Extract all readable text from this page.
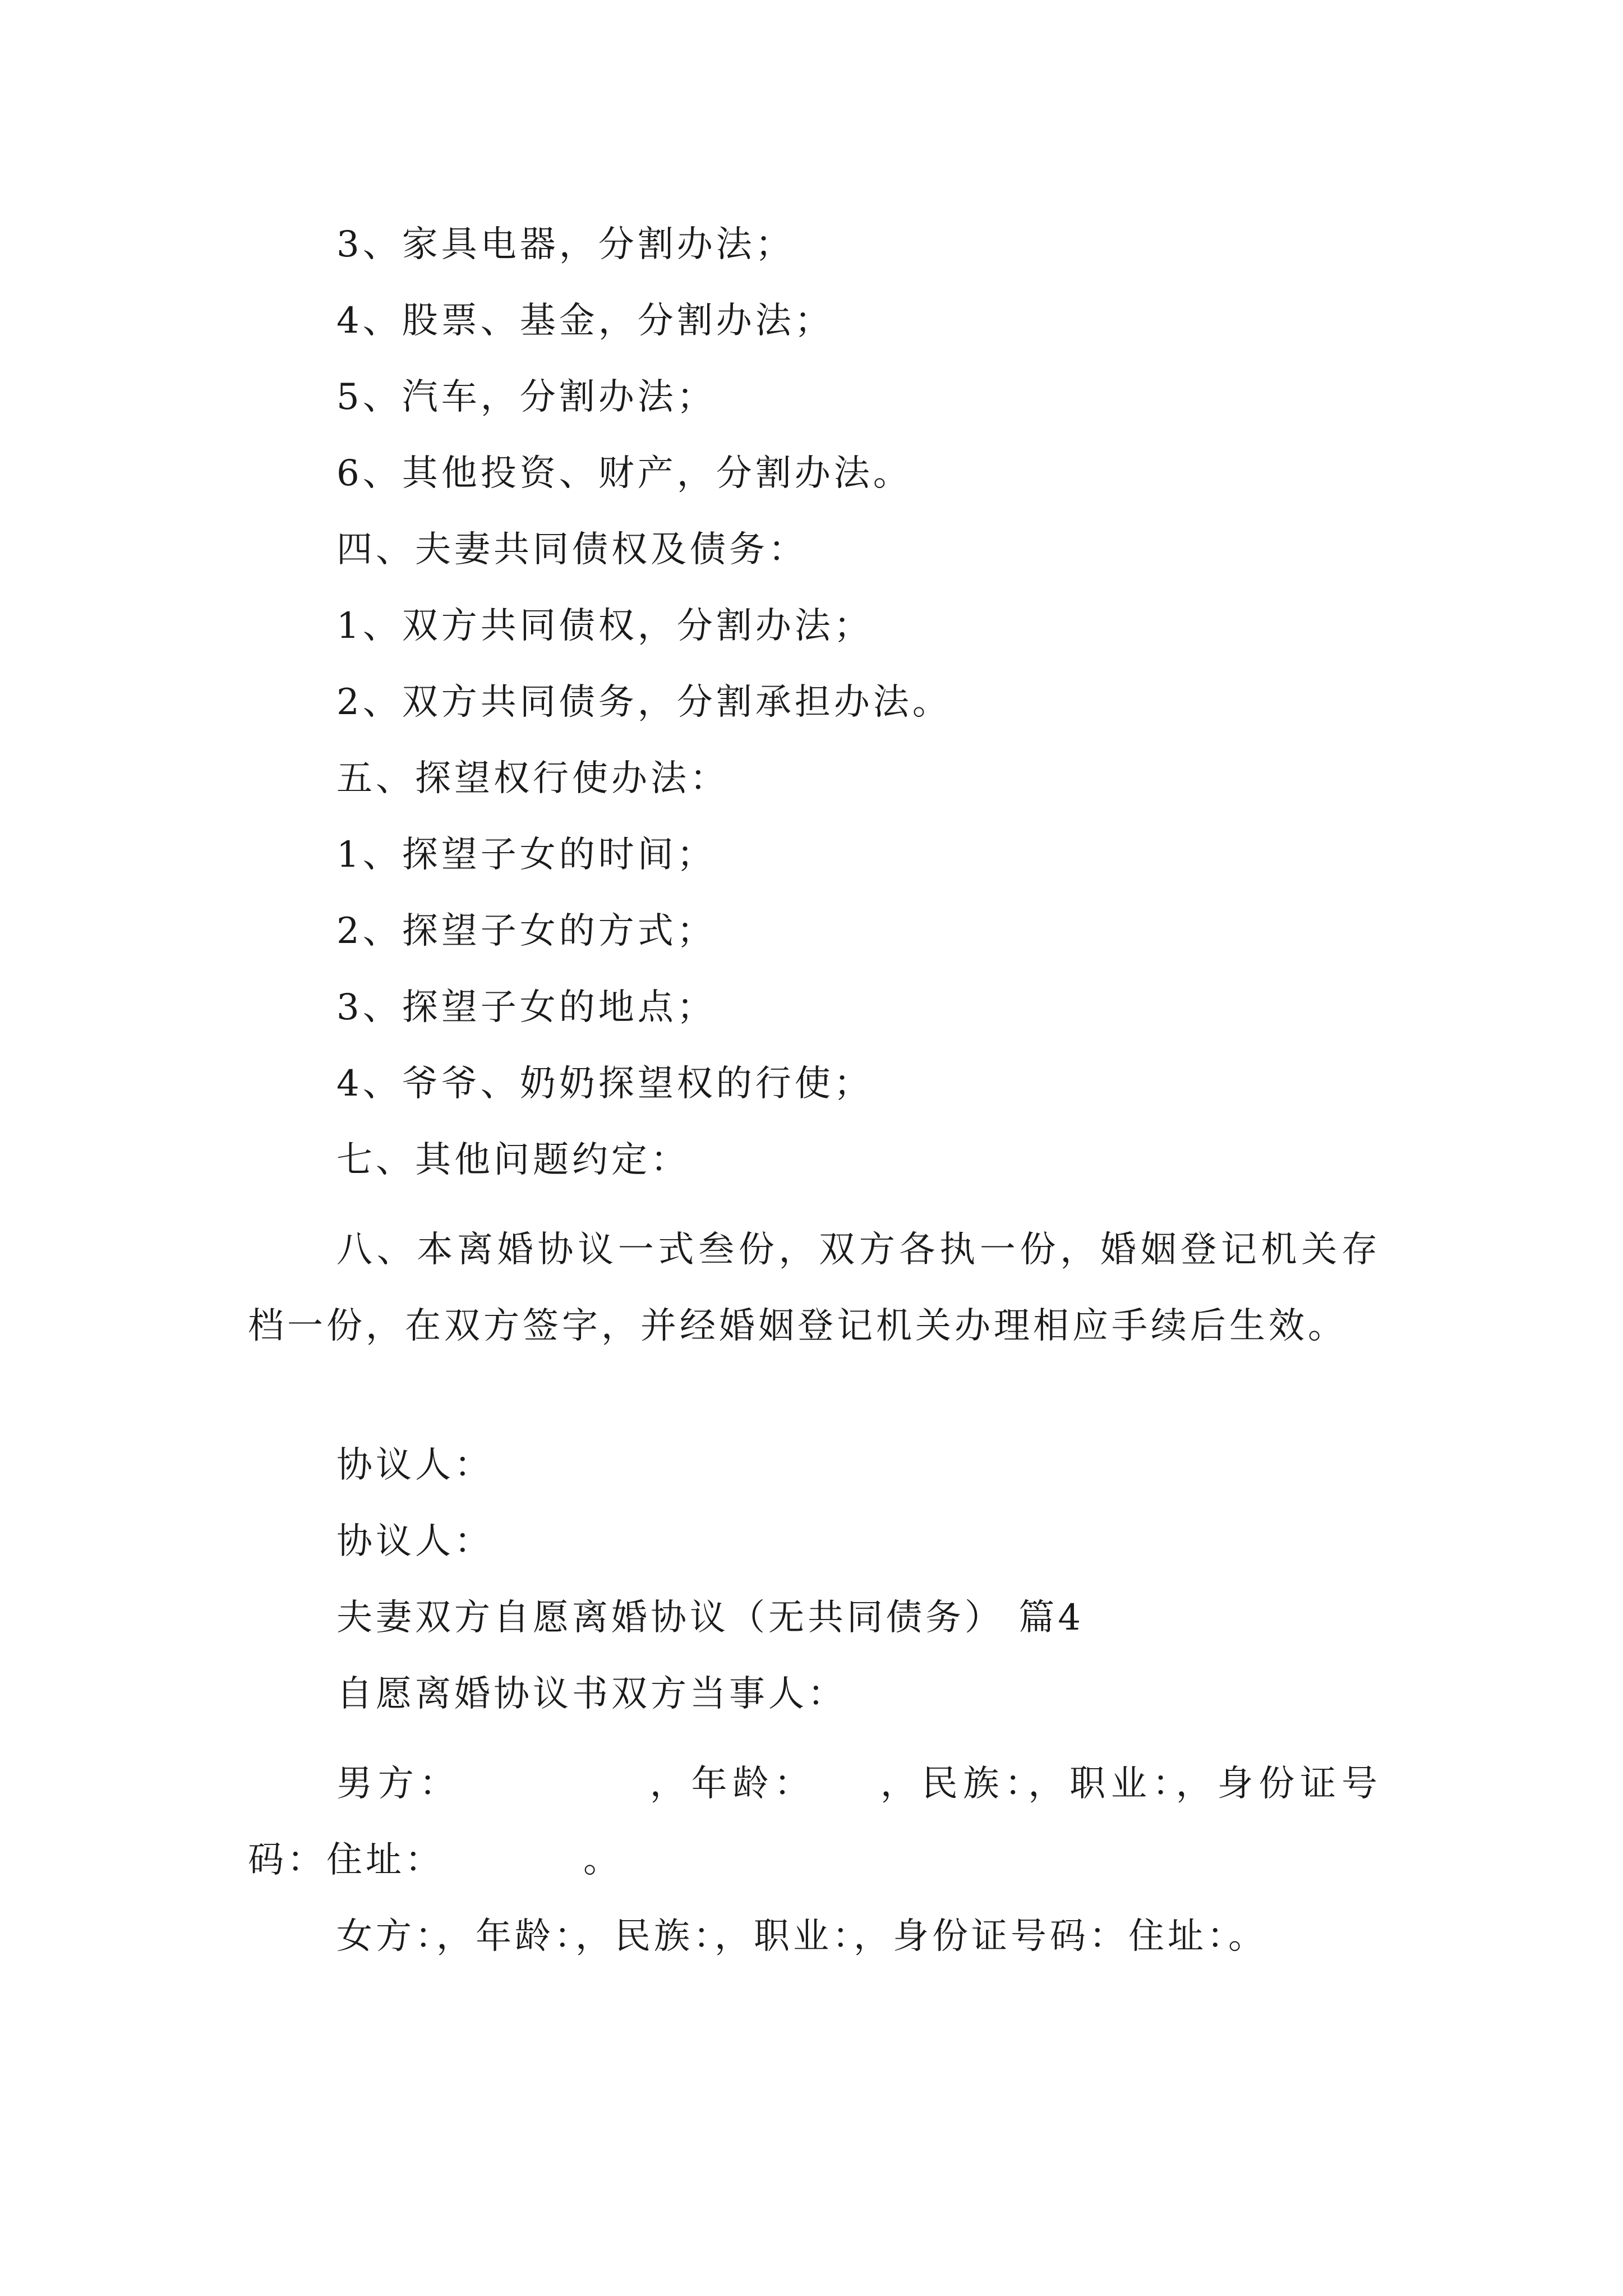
3、家具电器，分割办法；
4、股票、基金，分割办法；
5、汽车，分割办法；
6、其他投资、财产，分割办法。
四、夫妻共同债权及债务：
1、双方共同债权，分割办法；
2、双方共同债务，分割承担办法。
五、探望权行使办法：
1、探望子女的时间；
2、探望子女的方式；
3、探望子女的地点；
4、爷爷、奶奶探望权的行使；
七、其他问题约定：
八、本离婚协议一式叁份，双方各执一份，婚姻登记机关存档一份，在双方签字，并经婚姻登记机关办理相应手续后生效。
协议人：
协议人：
夫妻双方自愿离婚协议（无共同债务） 篇4
自愿离婚协议书双方当事人：
男方：　　　　　，年龄：　　，民族：，职业：，身份证号码：住址：　　　　。
女方：，年龄：，民族：，职业：，身份证号码：住址：。
